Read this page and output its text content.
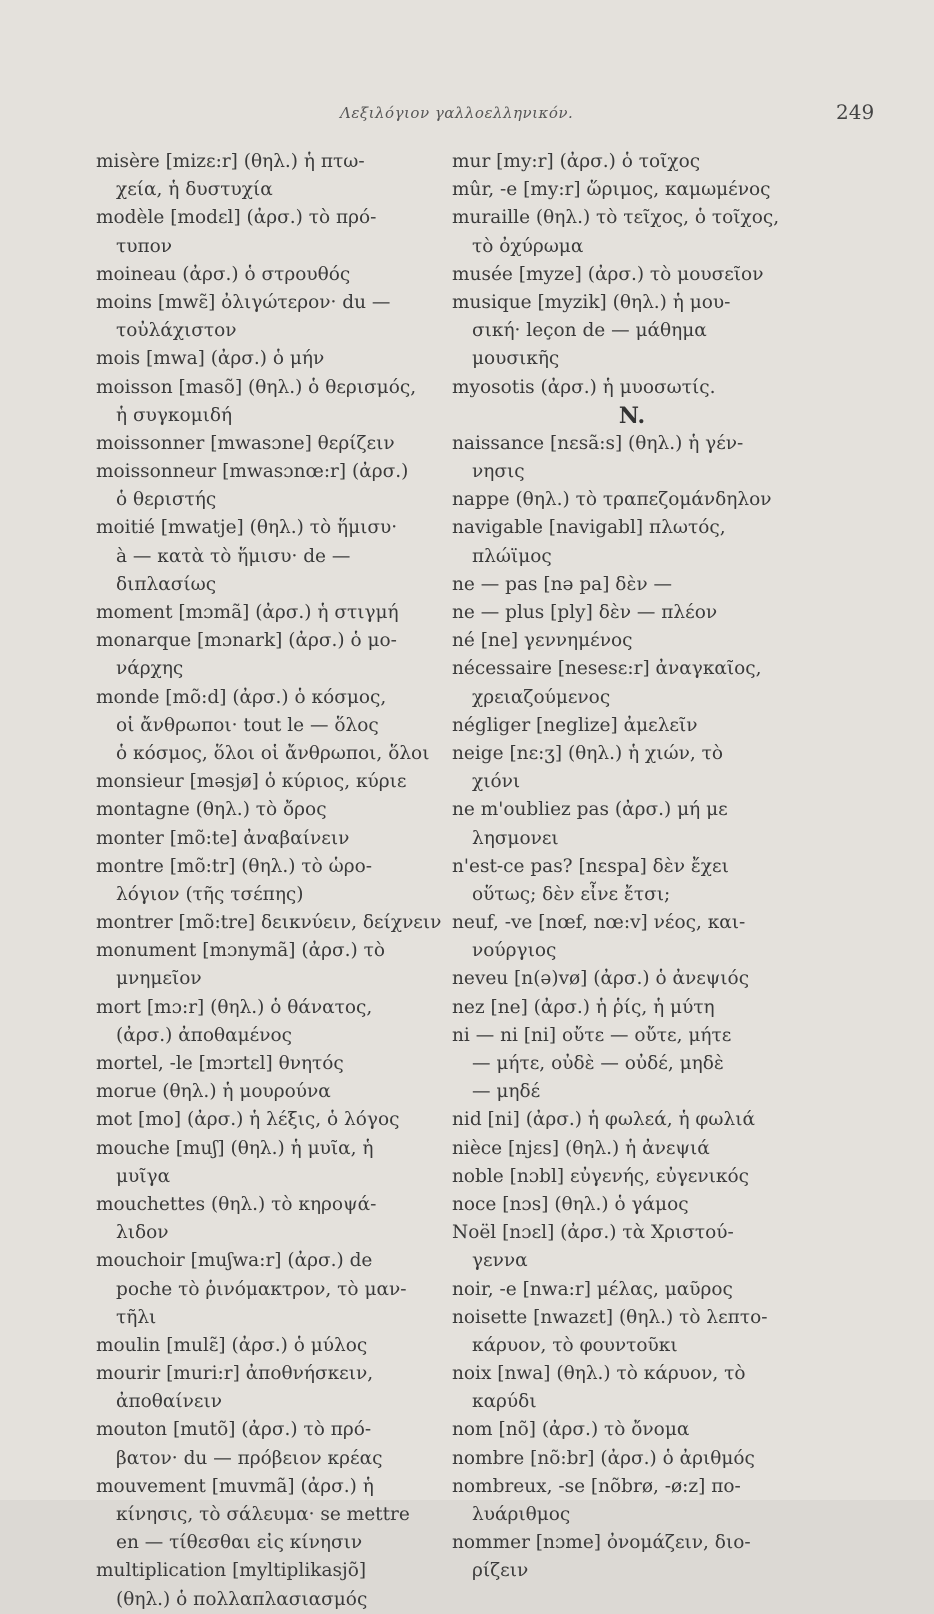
Λεξιλόγιον γαλλοελληνικόν.	249
misère [mizɛ:r] (θηλ.) ἡ πτω-
χεία, ἡ δυστυχία
modèle [modɛl] (ἀρσ.) τὸ πρό-
τυπον
moineau (ἀρσ.) ὁ στρουθός
moins [mwɛ̃] ὀλιγώτερον· du —
τοὐλάχιστον
mois [mwa] (ἀρσ.) ὁ μήν
moisson [masõ] (θηλ.) ὁ θερισμός,
ἡ συγκομιδή
moissonner [mwasɔne] θερίζειν
moissonneur [mwasɔnœ:r] (ἀρσ.)
ὁ θεριστής
moitié [mwatje] (θηλ.) τὸ ἥμισυ·
à — κατὰ τὸ ἥμισυ· de —
διπλασίως
moment [mɔmã] (ἀρσ.) ἡ στιγμή
monarque [mɔnark] (ἀρσ.) ὁ μο-
νάρχης
monde [mõ:d] (ἀρσ.) ὁ κόσμος,
οἱ ἄνθρωποι· tout le — ὅλος
ὁ κόσμος, ὅλοι οἱ ἄνθρωποι, ὅλοι
monsieur [məsjø] ὁ κύριος, κύριε
montagne (θηλ.) τὸ ὄρος
monter [mõ:te] ἀναβαίνειν
montre [mõ:tr] (θηλ.) τὸ ὡρο-
λόγιον (τῆς τσέπης)
montrer [mõ:tre] δεικνύειν, δείχνειν
monument [mɔnymã] (ἀρσ.) τὸ
μνημεῖον
mort [mɔ:r] (θηλ.) ὁ θάνατος,
(ἀρσ.) ἀποθαμένος
mortel, -le [mɔrtɛl] θνητός
morue (θηλ.) ἡ μουρούνα
mot [mo] (ἀρσ.) ἡ λέξις, ὁ λόγος
mouche [muʃ] (θηλ.) ἡ μυῖα, ἡ
μυῖγα
mouchettes (θηλ.) τὸ κηροψά-
λιδον
mouchoir [muʃwa:r] (ἀρσ.) de
poche τὸ ῥινόμακτρον, τὸ μαν-
τῆλι
moulin [mulɛ̃] (ἀρσ.) ὁ μύλος
mourir [muri:r] ἀποθνήσκειν,
ἀποθαίνειν
mouton [mutõ] (ἀρσ.) τὸ πρό-
βατον· du — πρόβειον κρέας
mouvement [muvmã] (ἀρσ.) ἡ
κίνησις, τὸ σάλευμα· se mettre
en — τίθεσθαι εἰς κίνησιν
multiplication [myltiplikasjõ]
(θηλ.) ὁ πολλαπλασιασμός
mur [my:r] (ἀρσ.) ὁ τοῖχος
mûr, -e [my:r] ὥριμος, καμωμένος
muraille (θηλ.) τὸ τεῖχος, ὁ τοῖχος,
τὸ ὀχύρωμα
musée [myze] (ἀρσ.) τὸ μουσεῖον
musique [myzik] (θηλ.) ἡ μου-
σική· leçon de — μάθημα
μουσικῆς
myosotis (ἀρσ.) ἡ μυοσωτίς.
N.
naissance [nɛsã:s] (θηλ.) ἡ γέν-
νησις
nappe (θηλ.) τὸ τραπεζομάνδηλον
navigable [navigabl] πλωτός,
πλώϊμος
ne — pas [nə pa] δὲν —
ne — plus [ply] δὲν — πλέον
né [ne] γεννημένος
nécessaire [nesesɛ:r] ἀναγκαῖος,
χρειαζούμενος
négliger [neglize] ἀμελεῖν
neige [nɛ:ʒ] (θηλ.) ἡ χιών, τὸ
χιόνι
ne m'oubliez pas (ἀρσ.) μή με
λησμονει
n'est-ce pas? [nɛspa] δὲν ἔχει
οὕτως; δὲν εἶνε ἔτσι;
neuf, -ve [nœf, nœ:v] νέος, και-
νούργιος
neveu [n(ə)vø] (ἀρσ.) ὁ ἀνεψιός
nez [ne] (ἀρσ.) ἡ ῥίς, ἡ μύτη
ni — ni [ni] οὔτε — οὔτε, μήτε
— μήτε, οὐδὲ — οὐδέ, μηδὲ
— μηδέ
nid [ni] (ἀρσ.) ἡ φωλεά, ἡ φωλιά
nièce [njɛs] (θηλ.) ἡ ἀνεψιά
noble [nɔbl] εὐγενής, εὐγενικός
noce [nɔs] (θηλ.) ὁ γάμος
Noël [nɔɛl] (ἀρσ.) τὰ Χριστού-
γεννα
noir, -e [nwa:r] μέλας, μαῦρος
noisette [nwazɛt] (θηλ.) τὸ λεπτο-
κάρυον, τὸ φουντοῦκι
noix [nwa] (θηλ.) τὸ κάρυον, τὸ
καρύδι
nom [nõ] (ἀρσ.) τὸ ὄνομα
nombre [nõ:br] (ἀρσ.) ὁ ἀριθμός
nombreux, -se [nõbrø, -ø:z] πο-
λυάριθμος
nommer [nɔme] ὀνομάζειν, διο-
ρίζειν
